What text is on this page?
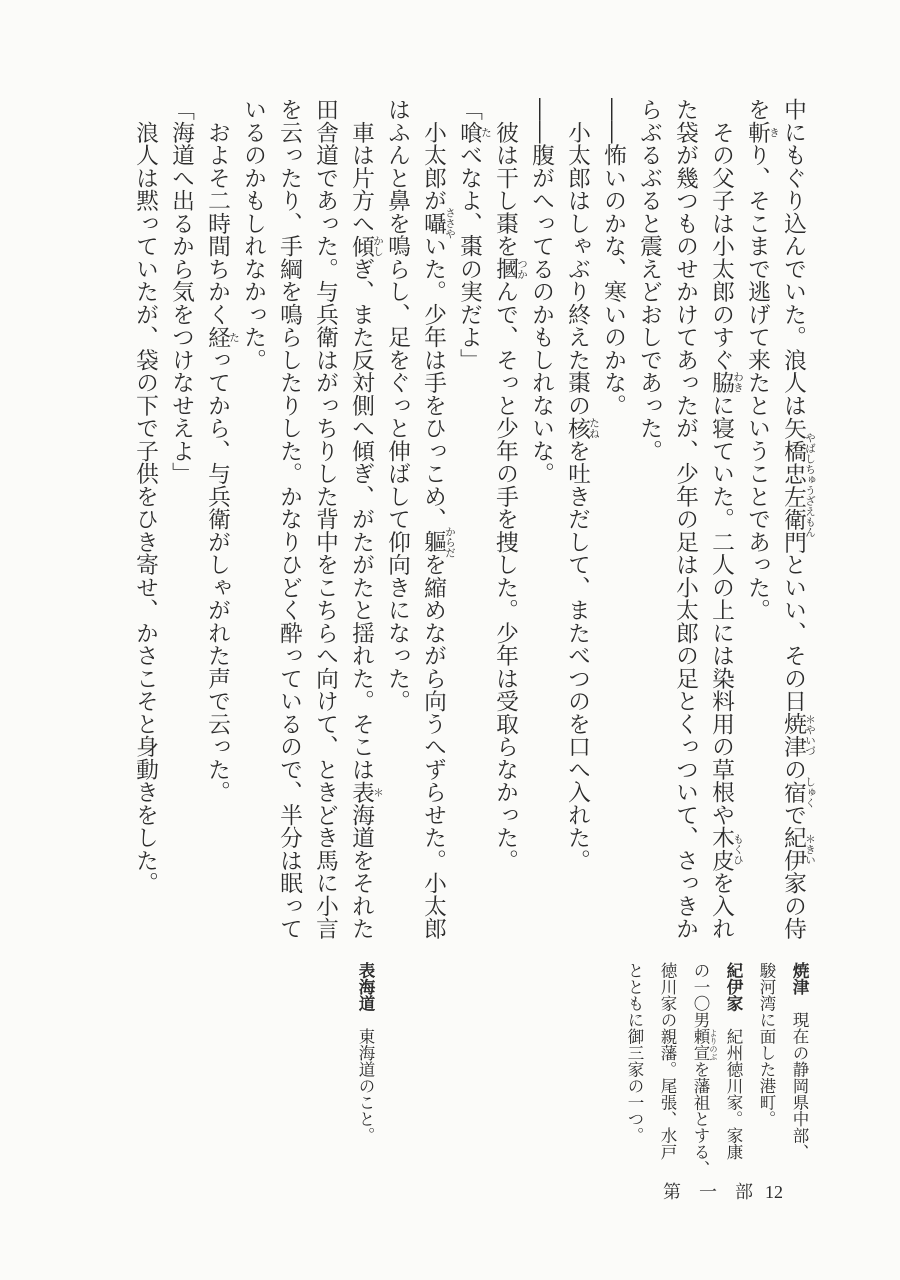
中にもぐり込んでいた。浪人は矢橋忠左衛門
やばしちゅうざえもん
といい、その日焼津
＊やいづ
の宿
しゅく
で紀伊
＊きい
家の侍
を斬
き
り、そこまで逃げて来たということであった。
　その父子は小太郎のすぐ脇
わき
に寝ていた。二人の上には染料用の草根や木皮
もくひ
を入れ
た袋が幾つものせかけてあったが、少年の足は小太郎の足とくっついて、さっきか
らぶるぶると震えどおしであった。
――怖いのかな、寒いのかな。
　小太郎はしゃぶり終えた棗の核
たね
を吐きだして、またべつのを口へ入れた。
――腹がへってるのかもしれないな。
　彼は干し棗を摑
つか
んで、そっと少年の手を捜した。少年は受取らなかった。
「喰
た
べなよ、棗の実だよ」
　小太郎が囁
ささや
いた。少年は手をひっこめ、軀
からだ
を縮めながら向うへずらせた。小太郎
はふんと鼻を鳴らし、足をぐっと伸ばして仰向きになった。
　車は片方へ傾
かし
ぎ、また反対側へ傾ぎ、がたがたと揺れた。そこは表
＊
海道をそれた
田舎道であった。与兵衛はがっちりした背中をこちらへ向けて、ときどき馬に小言
を云ったり、手綱を鳴らしたりした。かなりひどく酔っているので、半分は眠って
いるのかもしれなかった。
　およそ二時間ちかく経
た
ってから、与兵衛がしゃがれた声で云った。
「海道へ出るから気をつけなせえよ」
　浪人は黙っていたが、袋の下で子供をひき寄せ、かさこそと身動きをした。
焼津　現在の静岡県中部、
駿河湾に面した港町。
紀伊家　紀州徳川家。家康
の一〇男頼宣 よりのぶ
を藩祖とする、
徳川家の親藩。尾張、水戸
とともに御三家の一つ。
表海道　東海道のこと。
第　一　部 12
